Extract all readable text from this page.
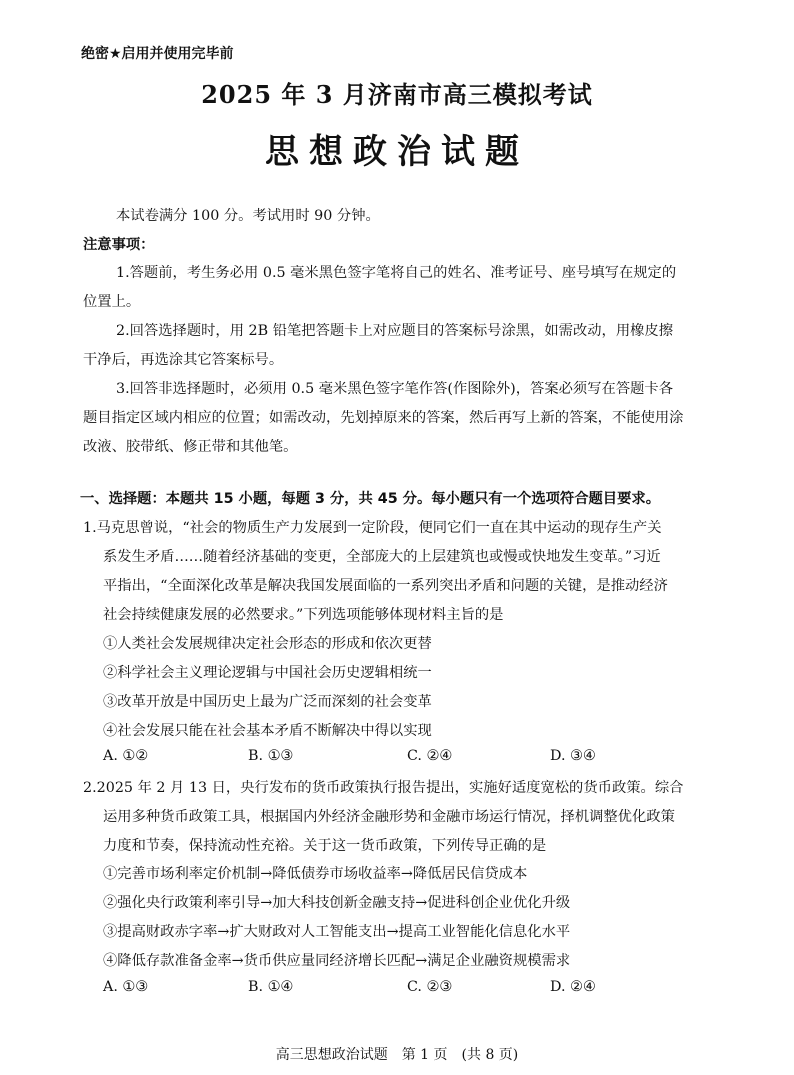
绝密★启用并使用完毕前
2025 年 3 月济南市高三模拟考试
思想政治试题
本试卷满分 100 分。考试用时 90 分钟。
注意事项：
1.答题前，考生务必用 0.5 毫米黑色签字笔将自己的姓名、准考证号、座号填写在规定的
位置上。
2.回答选择题时，用 2B 铅笔把答题卡上对应题目的答案标号涂黑，如需改动，用橡皮擦
干净后，再选涂其它答案标号。
3.回答非选择题时，必须用 0.5 毫米黑色签字笔作答(作图除外)，答案必须写在答题卡各
题目指定区域内相应的位置；如需改动，先划掉原来的答案，然后再写上新的答案，不能使用涂
改液、胶带纸、修正带和其他笔。
一、选择题：本题共 15 小题，每题 3 分，共 45 分。每小题只有一个选项符合题目要求。
1.马克思曾说，“社会的物质生产力发展到一定阶段，便同它们一直在其中运动的现存生产关
系发生矛盾……随着经济基础的变更，全部庞大的上层建筑也或慢或快地发生变革。”习近
平指出，“全面深化改革是解决我国发展面临的一系列突出矛盾和问题的关键，是推动经济
社会持续健康发展的必然要求。”下列选项能够体现材料主旨的是
①人类社会发展规律决定社会形态的形成和依次更替
②科学社会主义理论逻辑与中国社会历史逻辑相统一
③改革开放是中国历史上最为广泛而深刻的社会变革
④社会发展只能在社会基本矛盾不断解决中得以实现
A. ①②	B. ①③	C. ②④	D. ③④
2.2025 年 2 月 13 日，央行发布的货币政策执行报告提出，实施好适度宽松的货币政策。综合
运用多种货币政策工具，根据国内外经济金融形势和金融市场运行情况，择机调整优化政策
力度和节奏，保持流动性充裕。关于这一货币政策，下列传导正确的是
①完善市场利率定价机制→降低债券市场收益率→降低居民信贷成本
②强化央行政策利率引导→加大科技创新金融支持→促进科创企业优化升级
③提高财政赤字率→扩大财政对人工智能支出→提高工业智能化信息化水平
④降低存款准备金率→货币供应量同经济增长匹配→满足企业融资规模需求
A. ①③	B. ①④	C. ②③	D. ②④
高三思想政治试题　第 1 页　(共 8 页)
